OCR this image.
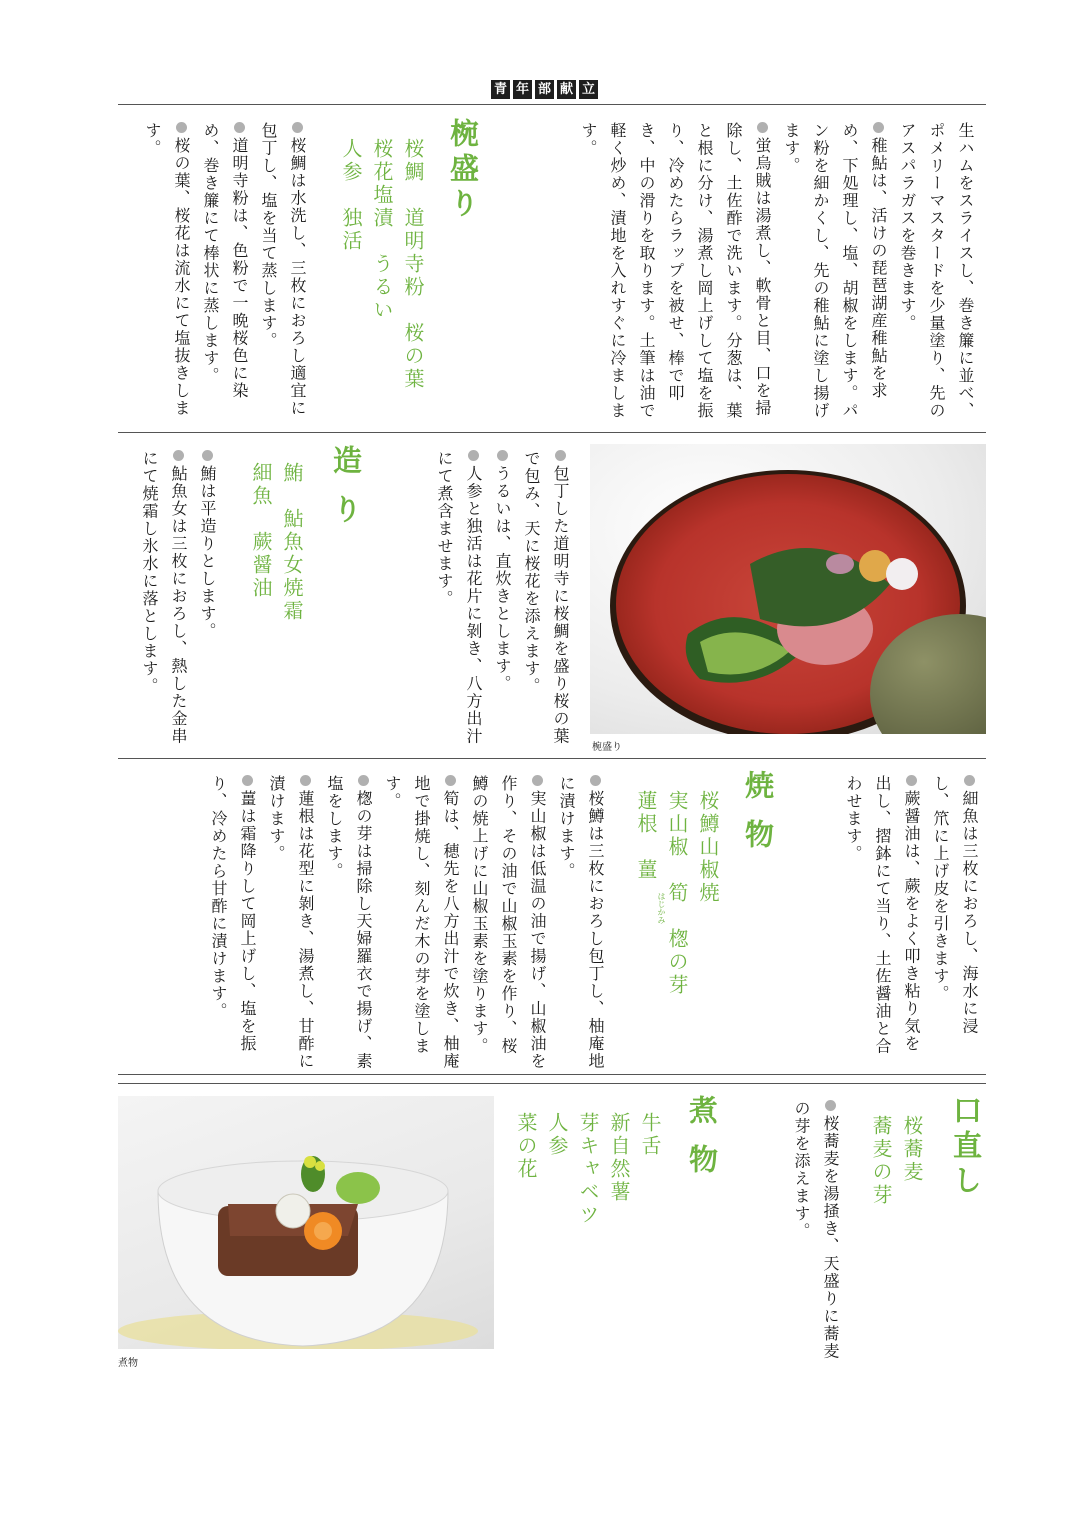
青 年 部 献 立

生ハムをスライスし、巻き簾に並べ、ポメリーマスタードを少量塗り、先のアスパラガスを巻きます。

稚鮎は、活けの琵琶湖産稚鮎を求め、下処理し、塩、胡椒をします。パン粉を細かくし、先の稚鮎に塗し揚げます。

蛍烏賊は湯煮し、軟骨と目、口を掃除し、土佐酢で洗います。分葱は、葉と根に分け、湯煮し岡上げして塩を振り、冷めたらラップを被せ、棒で叩き、中の滑りを取ります。土筆は油で軽く炒め、漬地を入れすぐに冷まします。

椀盛り

桜鯛　道明寺粉　桜の葉

桜花塩漬　うるい

人参　独活

桜鯛は水洗し、三枚におろし適宜に包丁し、塩を当て蒸します。

道明寺粉は、色粉で一晩桜色に染め、巻き簾にて棒状に蒸します。

桜の葉、桜花は流水にて塩抜きします。

椀盛り

包丁した道明寺に桜鯛を盛り桜の葉で包み、天に桜花を添えます。

うるいは、直炊きとします。

人参と独活は花片に剝き、八方出汁にて煮含ませます。

造り

鮪　鮎魚女焼霜

細魚　蕨醤油

鮪は平造りとします。

鮎魚女は三枚におろし、熱した金串にて焼霜し氷水に落とします。

細魚は三枚におろし、海水に浸し、笊に上げ皮を引きます。

蕨醤油は、蕨をよく叩き粘り気を出し、摺鉢にて当り、土佐醤油と合わせます。

焼物

桜鱒山椒焼

実山椒　筍　楤の芽

蓮根　薑

はじかみ

桜鱒は三枚におろし包丁し、柚庵地に漬けます。

実山椒は低温の油で揚げ、山椒油を作り、その油で山椒玉素を作り、桜鱒の焼上げに山椒玉素を塗ります。

筍は、穂先を八方出汁で炊き、柚庵地で掛焼し、刻んだ木の芽を塗します。

楤の芽は掃除し天婦羅衣で揚げ、素塩をします。

蓮根は花型に剝き、湯煮し、甘酢に漬けます。

薑は霜降りして岡上げし、塩を振り、冷めたら甘酢に漬けます。

口直し

桜蕎麦

蕎麦の芽

桜蕎麦を湯掻き、天盛りに蕎麦の芽を添えます。

煮物

牛舌

新自然薯

芽キャベツ

人参

菜の花

煮物
